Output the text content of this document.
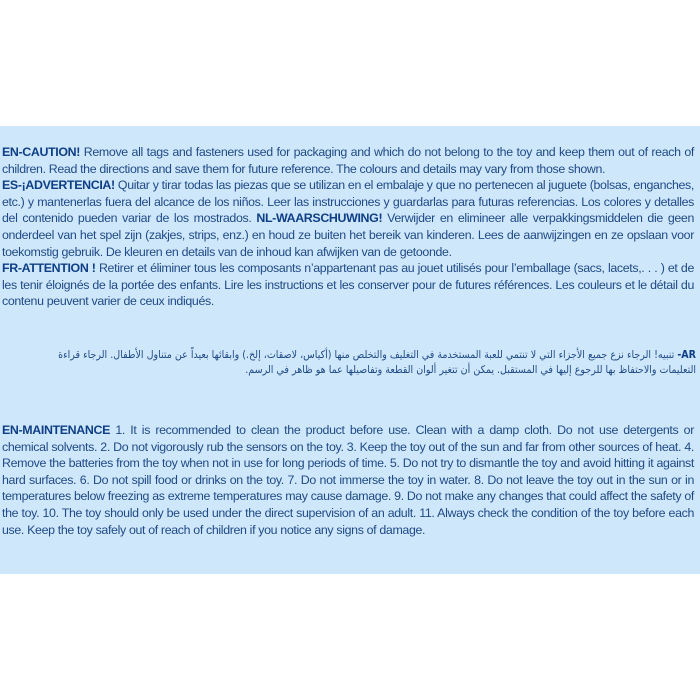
EN-CAUTION! Remove all tags and fasteners used for packaging and which do not belong to the toy and keep them out of reach of children. Read the directions and save them for future reference. The colours and details may vary from those shown.
ES-¡ADVERTENCIA! Quitar y tirar todas las piezas que se utilizan en el embalaje y que no pertenecen al juguete (bolsas, enganches, etc.) y mantenerlas fuera del alcance de los niños. Leer las instrucciones y guardarlas para futuras referencias. Los colores y detalles del contenido pueden variar de los mostrados. NL-WAARSCHUWING! Verwijder en elimineer alle verpakkingsmiddelen die geen onderdeel van het spel zijn (zakjes, strips, enz.) en houd ze buiten het bereik van kinderen. Lees de aanwijzingen en ze opslaan voor toekomstig gebruik. De kleuren en details van de inhoud kan afwijken van de getoonde.
FR-ATTENTION ! Retirer et éliminer tous les composants n’appartenant pas au jouet utilisés pour l’emballage (sacs, lacets,. . . ) et de les tenir éloignés de la portée des enfants. Lire les instructions et les conserver pour de futures références. Les couleurs et le détail du contenu peuvent varier de ceux indiqués.
AR- تنبيه! الرجاء نزع جميع الأجزاء التي لا تنتمي للعبة المستخدمة في التغليف والتخلص منها (أكياس، لاصقات، إلخ.) وابقائها بعيداً عن متناول الأطفال. الرجاء قراءة التعليمات والاحتفاظ بها للرجوع إليها في المستقبل. يمكن أن تتغير ألوان القطعة وتفاصيلها عما هو ظاهر في الرسم.
EN-MAINTENANCE 1. It is recommended to clean the product before use. Clean with a damp cloth. Do not use detergents or chemical solvents. 2. Do not vigorously rub the sensors on the toy. 3. Keep the toy out of the sun and far from other sources of heat. 4. Remove the batteries from the toy when not in use for long periods of time. 5. Do not try to dismantle the toy and avoid hitting it against hard surfaces. 6. Do not spill food or drinks on the toy. 7. Do not immerse the toy in water. 8. Do not leave the toy out in the sun or in temperatures below freezing as extreme temperatures may cause damage. 9. Do not make any changes that could affect the safety of the toy. 10. The toy should only be used under the direct supervision of an adult. 11. Always check the condition of the toy before each use. Keep the toy safely out of reach of children if you notice any signs of damage.
